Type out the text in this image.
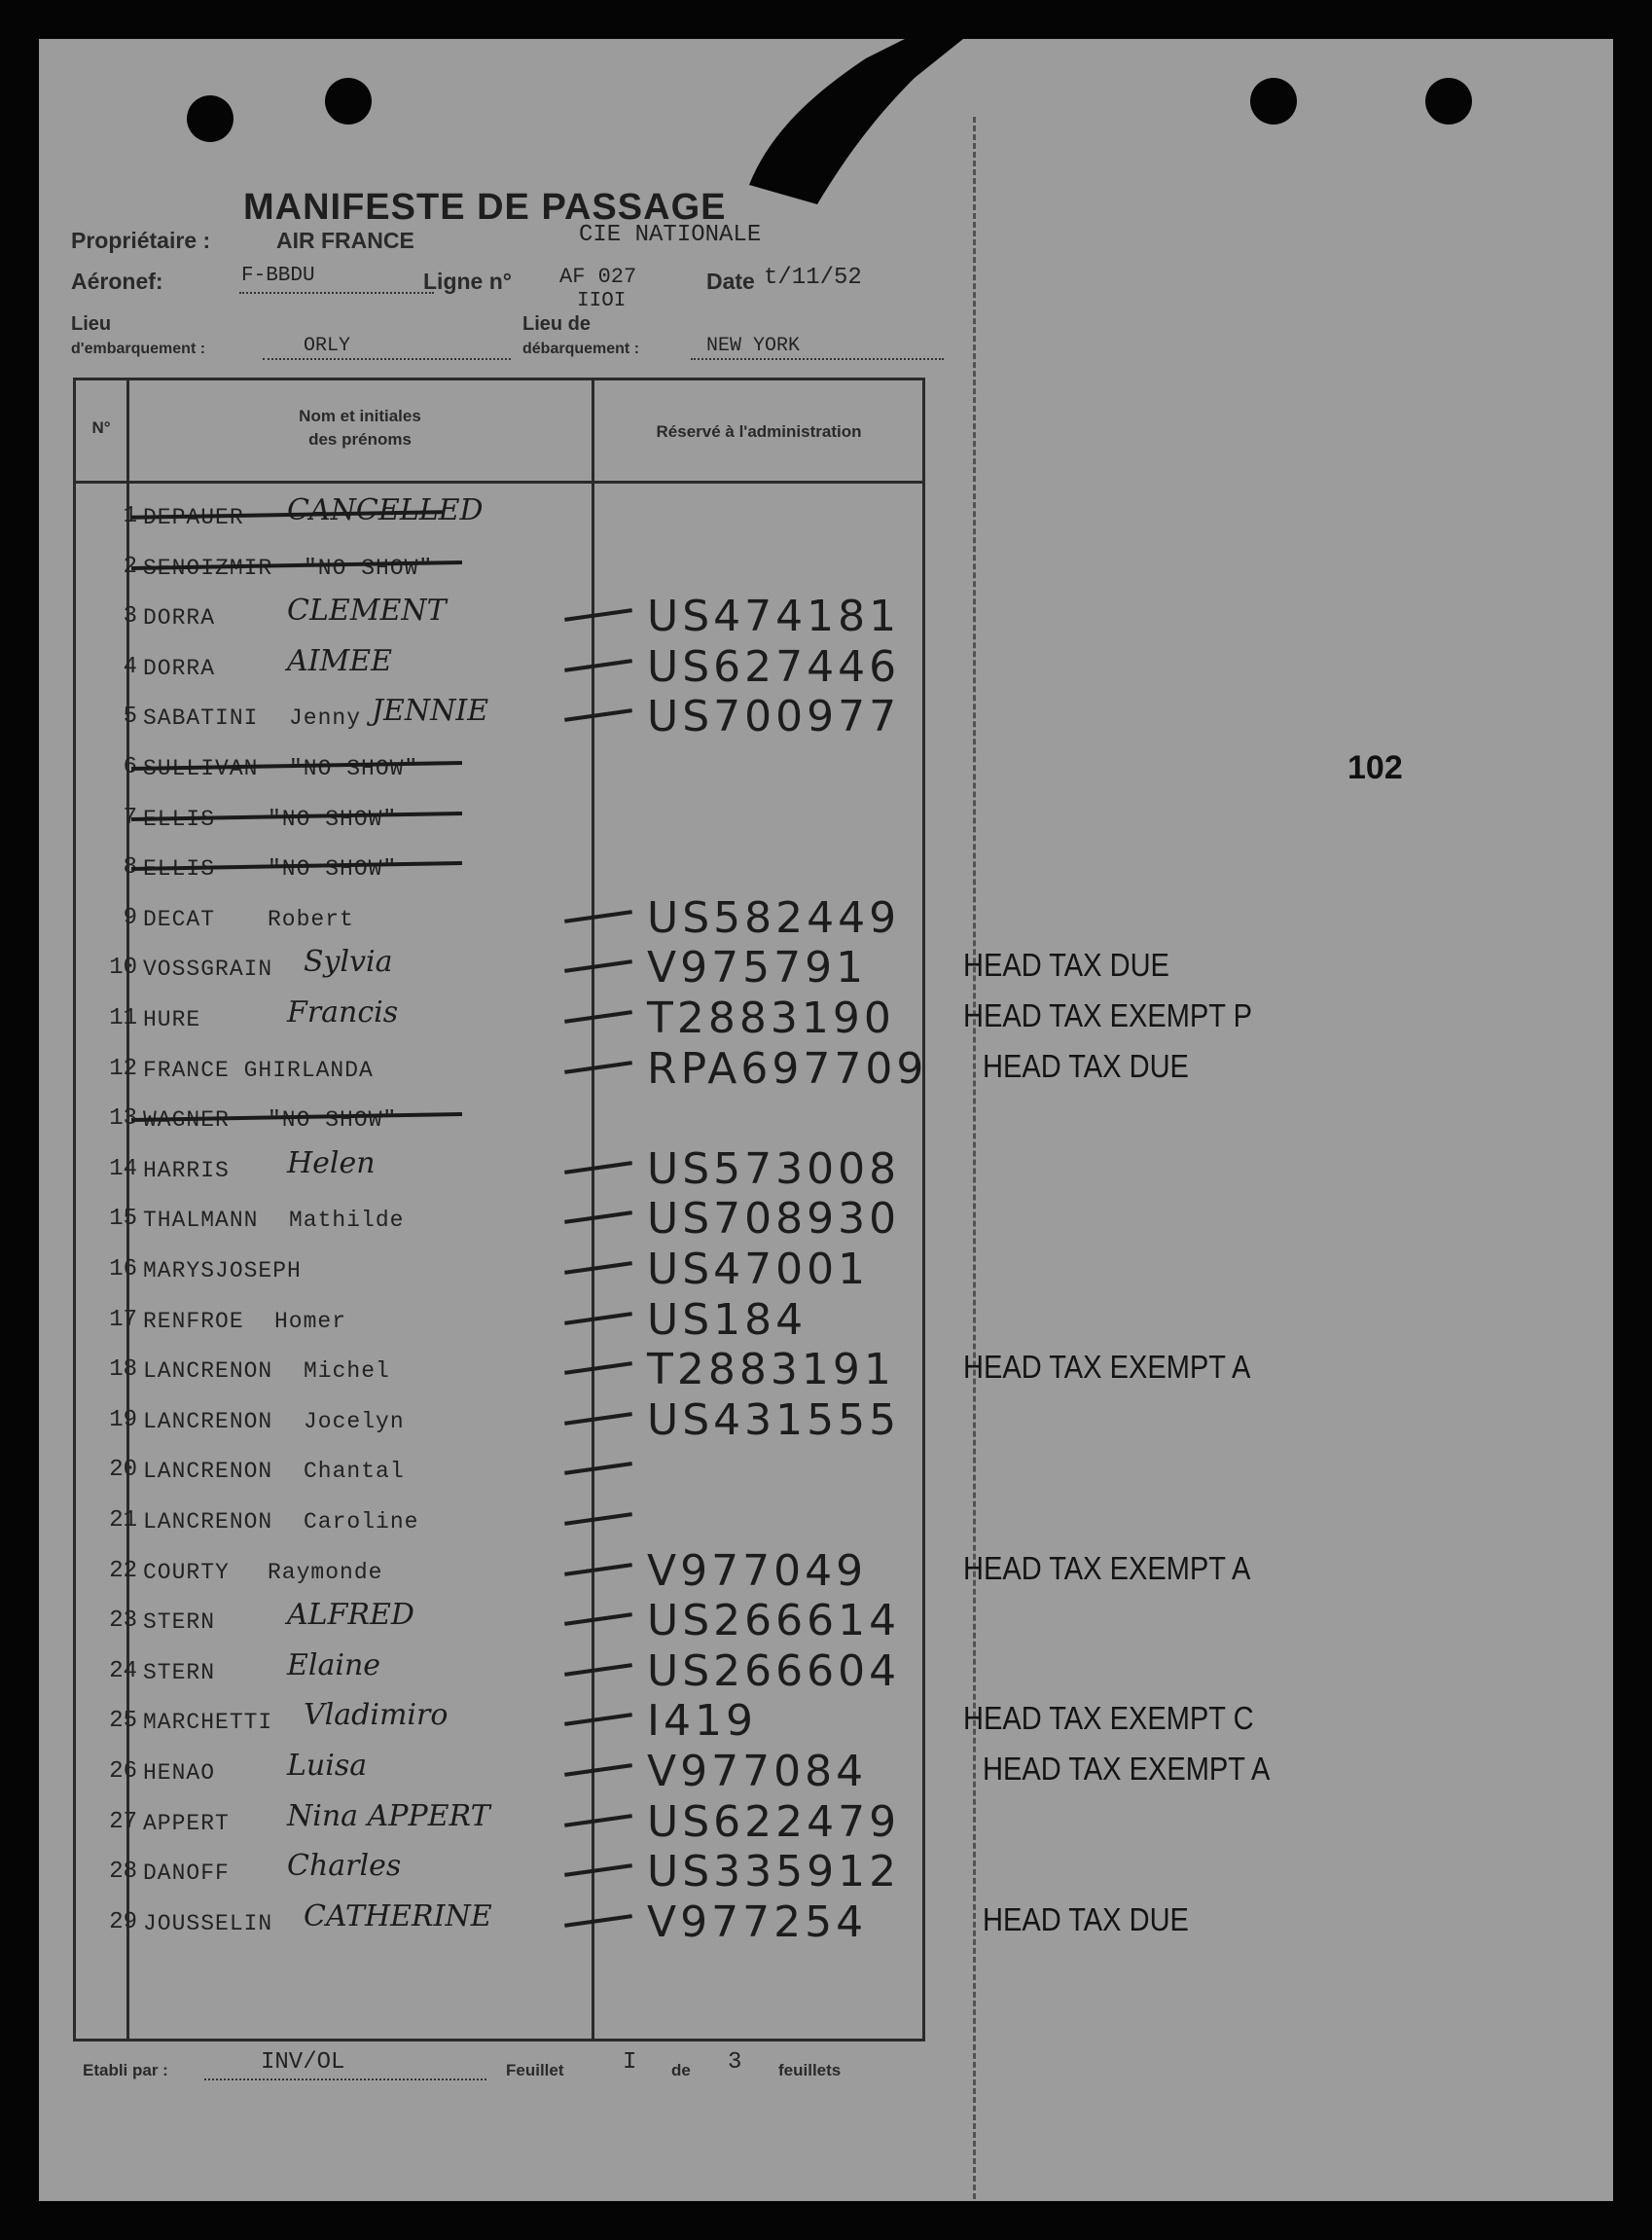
MANIFESTE DE PASSAGE
Propriétaire :	AIR FRANCE	CIE NATIONALE
Aéronef:	F-BBDU	Ligne n° AF 027
IIOI
Date t/11/52
Lieu
d'embarquement :	ORLY
Lieu de
débarquement :	NEW YORK
102
N°
Nom et initiales
des prénoms	Réservé à l'administration
1 DEPAUER CANCELLED
2 SENOIZMIR "NO SHOW"
3 DORRA CLEMENT	US474181
4 DORRA AIMEE	US627446
5 SABATINI Jenny JENNIE	US700977
6 SULLIVAN "NO SHOW"
7 ELLIS "NO SHOW"
8 ELLIS "NO SHOW"
9 DECAT Robert	US582449
10 VOSSGRAIN Sylvia	V975791	HEAD TAX DUE
11 HURE	Francis	T2883190 HEAD TAX EXEMPT P
12 FRANCE GHIRLANDA	RPA697709 HEAD TAX DUE
13 WAGNER "NO SHOW"
14 HARRIS Helen	US573008
15 THALMANN Mathilde	US708930
16 MARYSJOSEPH	US47001
17 RENFROE Homer	US184
18 LANCRENON Michel	T2883191 HEAD TAX EXEMPT A
19 LANCRENON Jocelyn	US431555
20 LANCRENON Chantal
21 LANCRENON Caroline
22 COURTY Raymonde	V977049	HEAD TAX EXEMPT A
23 STERN ALFRED	US266614
24 STERN Elaine	US266604
25 MARCHETTI Vladimiro	I419	HEAD TAX EXEMPT C
26 HENAO Luisa	V977084	HEAD TAX EXEMPT A
27 APPERT Nina APPERT	US622479
28 DANOFF Charles	US335912
29 JOUSSELIN CATHERINE	V977254	HEAD TAX DUE
Etabli par :	INV/OL	Feuillet	I de 3 feuillets
